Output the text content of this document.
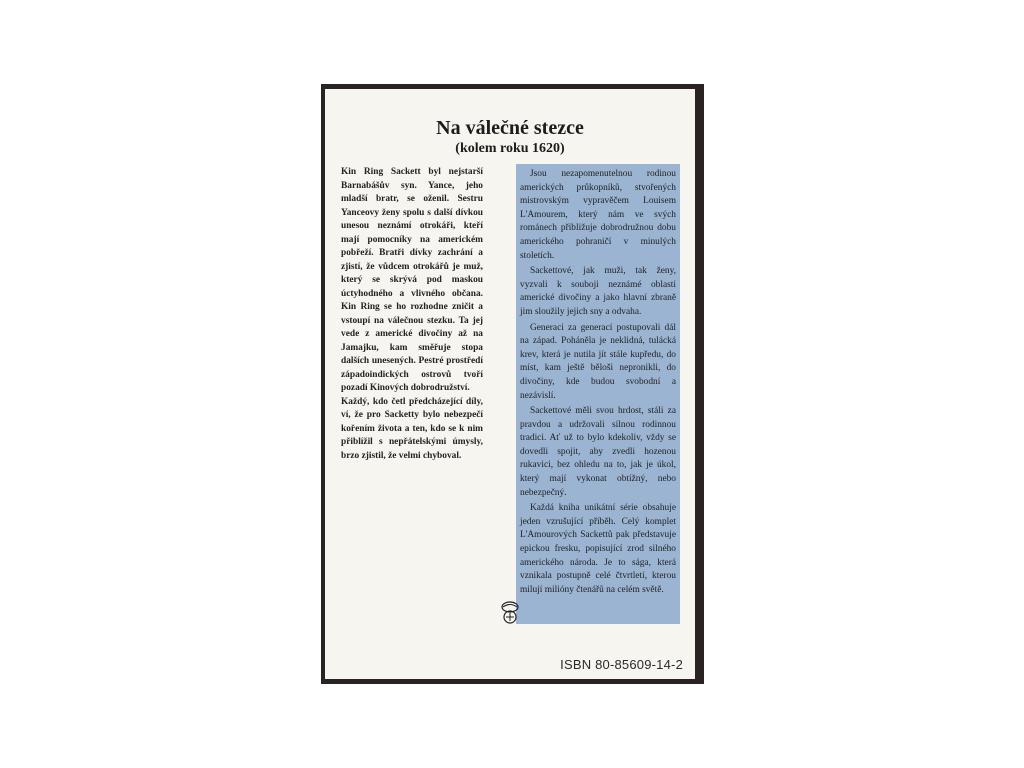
Na válečné stezce
(kolem roku 1620)

Kin Ring Sackett byl nejstarší Barnabášův syn. Yance, jeho mladší bratr, se oženil. Sestru Yanceovy ženy spolu s další dívkou unesou neznámí otrokáři, kteří mají pomocníky na americkém pobřeží. Bratři dívky zachrání a zjistí, že vůdcem otrokářů je muž, který se skrývá pod maskou úctyhodného a vlivného občana. Kin Ring se ho rozhodne zničit a vstoupí na válečnou stezku. Ta jej vede z americké divočiny až na Jamajku, kam směřuje stopa dalších unesených. Pestré prostředí západoindických ostrovů tvoří pozadí Kinových dobrodružství.

Každý, kdo četl předcházející díly, ví, že pro Sacketty bylo nebezpečí kořením života a ten, kdo se k nim přiblížil s nepřátelskými úmysly, brzo zjistil, že velmi chyboval.

Jsou nezapomenutelnou rodinou amerických průkopníků, stvořených mistrovským vypravěčem Louisem L'Amourem, který nám ve svých románech přibližuje dobrodružnou dobu amerického pohraničí v minulých stoletích.

Sackettové, jak muži, tak ženy, vyzvali k souboji neznámé oblasti americké divočiny a jako hlavní zbraně jim sloužily jejich sny a odvaha.

Generaci za generací postupovali dál na západ. Poháněla je neklidná, tulácká krev, která je nutila jít stále kupředu, do míst, kam ještě běloši nepronikli, do divočiny, kde budou svobodní a nezávislí.

Sackettové měli svou hrdost, stáli za pravdou a udržovali silnou rodinnou tradici. Ať už to bylo kdekoliv, vždy se dovedli spojit, aby zvedli hozenou rukavici, bez ohledu na to, jak je úkol, který mají vykonat obtížný, nebo nebezpečný.

Každá kniha unikátní série obsahuje jeden vzrušující příběh. Celý komplet L'Amourových Sackettů pak představuje epickou fresku, popisující zrod silného amerického národa. Je to sága, která vznikala postupně celé čtvrtletí, kterou milují milióny čtenářů na celém světě.

ISBN 80-85609-14-2
